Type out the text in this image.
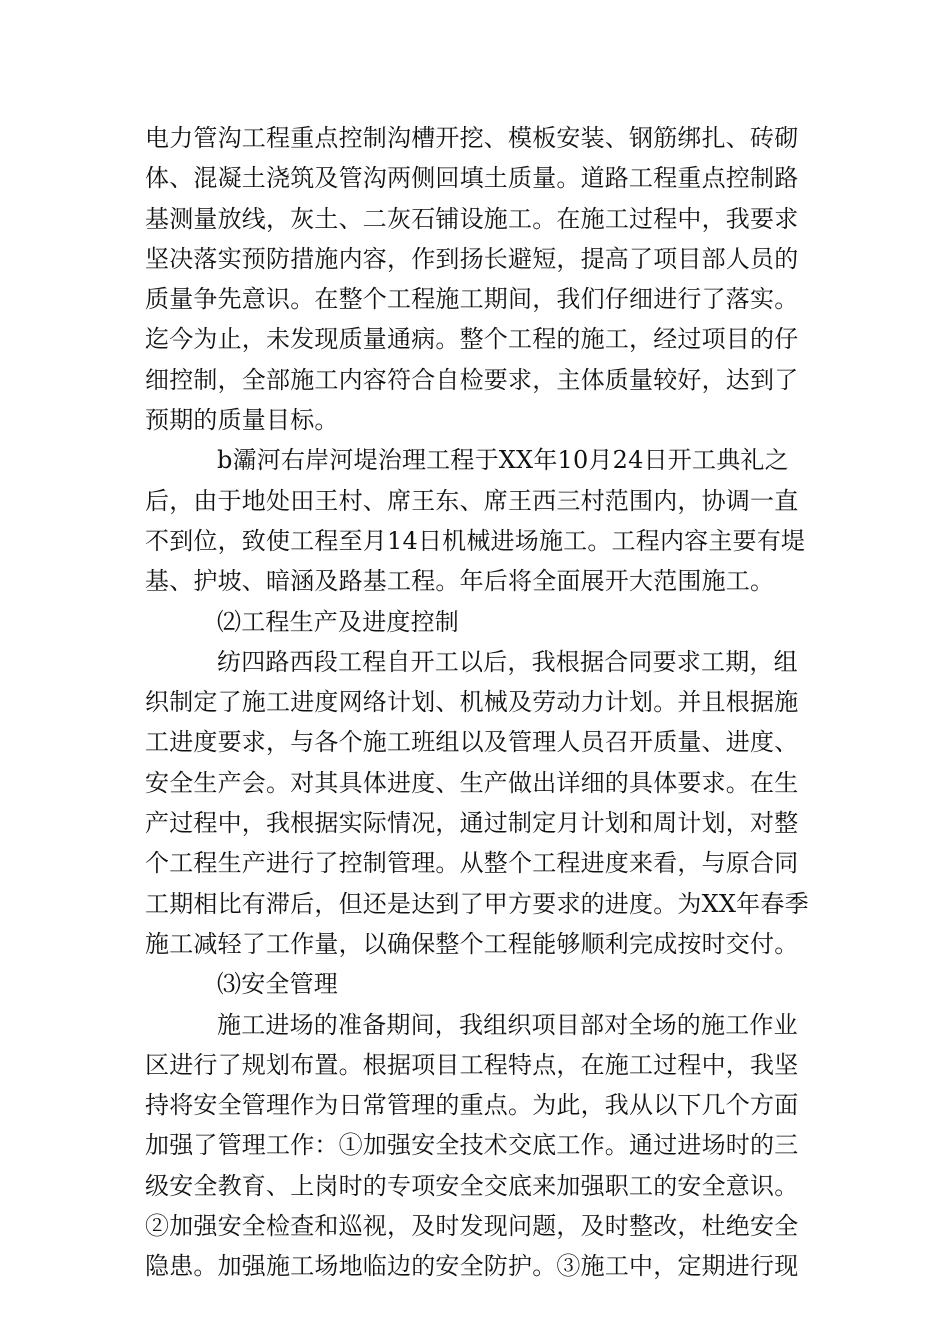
电力管沟工程重点控制沟槽开挖、模板安装、钢筋绑扎、砖砌
体、混凝土浇筑及管沟两侧回填土质量。道路工程重点控制路
基测量放线，灰土、二灰石铺设施工。在施工过程中，我要求
坚决落实预防措施内容，作到扬长避短，提高了项目部人员的
质量争先意识。在整个工程施工期间，我们仔细进行了落实。
迄今为止，未发现质量通病。整个工程的施工，经过项目的仔
细控制，全部施工内容符合自检要求，主体质量较好，达到了
预期的质量目标。
b灞河右岸河堤治理工程于XX年10月24日开工典礼之
后，由于地处田王村、席王东、席王西三村范围内，协调一直
不到位，致使工程至月14日机械进场施工。工程内容主要有堤
基、护坡、暗涵及路基工程。年后将全面展开大范围施工。
⑵工程生产及进度控制
纺四路西段工程自开工以后，我根据合同要求工期，组
织制定了施工进度网络计划、机械及劳动力计划。并且根据施
工进度要求，与各个施工班组以及管理人员召开质量、进度、
安全生产会。对其具体进度、生产做出详细的具体要求。在生
产过程中，我根据实际情况，通过制定月计划和周计划，对整
个工程生产进行了控制管理。从整个工程进度来看，与原合同
工期相比有滞后，但还是达到了甲方要求的进度。为XX年春季
施工减轻了工作量，以确保整个工程能够顺利完成按时交付。
⑶安全管理
施工进场的准备期间，我组织项目部对全场的施工作业
区进行了规划布置。根据项目工程特点，在施工过程中，我坚
持将安全管理作为日常管理的重点。为此，我从以下几个方面
加强了管理工作：①加强安全技术交底工作。通过进场时的三
级安全教育、上岗时的专项安全交底来加强职工的安全意识。
②加强安全检查和巡视，及时发现问题，及时整改，杜绝安全
隐患。加强施工场地临边的安全防护。③施工中，定期进行现
